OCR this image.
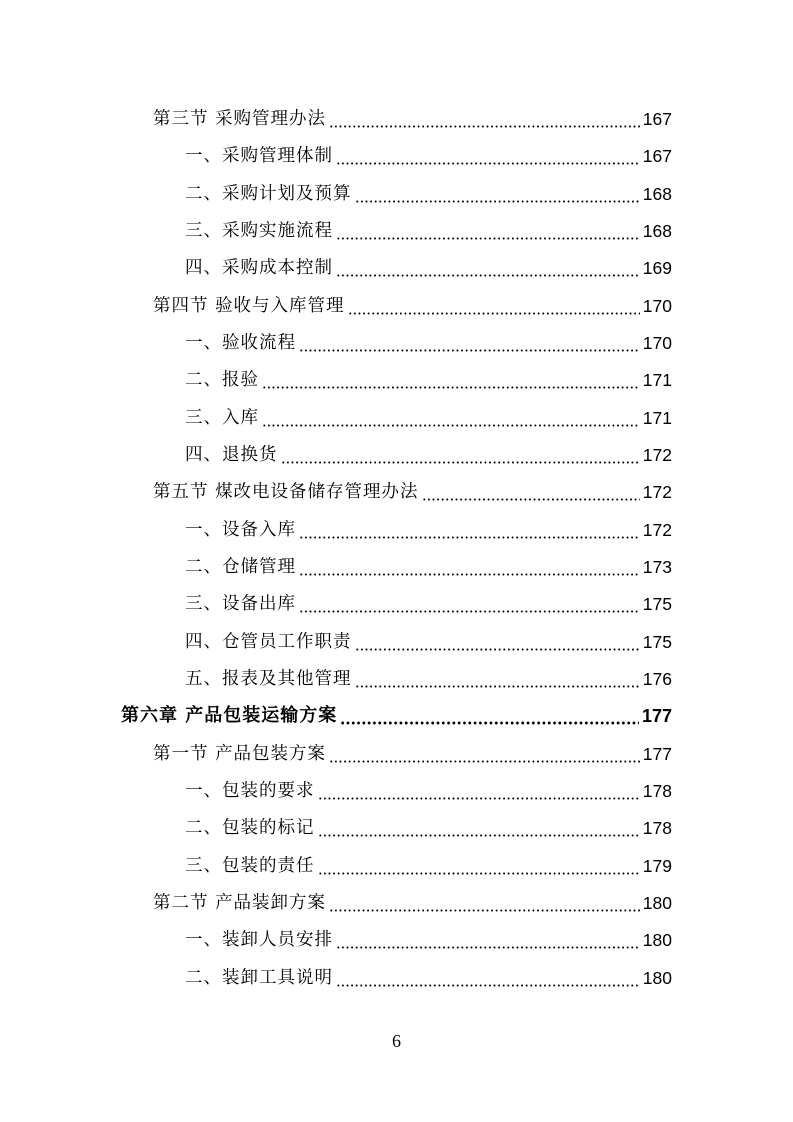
第三节 采购管理办法	167
一、采购管理体制	167
二、采购计划及预算	168
三、采购实施流程	168
四、采购成本控制	169
第四节 验收与入库管理	170
一、验收流程	170
二、报验	171
三、入库	171
四、退换货	172
第五节 煤改电设备储存管理办法	172
一、设备入库	172
二、仓储管理	173
三、设备出库	175
四、仓管员工作职责	175
五、报表及其他管理	176
第六章 产品包装运输方案	177
第一节 产品包装方案	177
一、包装的要求	178
二、包装的标记	178
三、包装的责任	179
第二节 产品装卸方案	180
一、装卸人员安排	180
二、装卸工具说明	180
6
